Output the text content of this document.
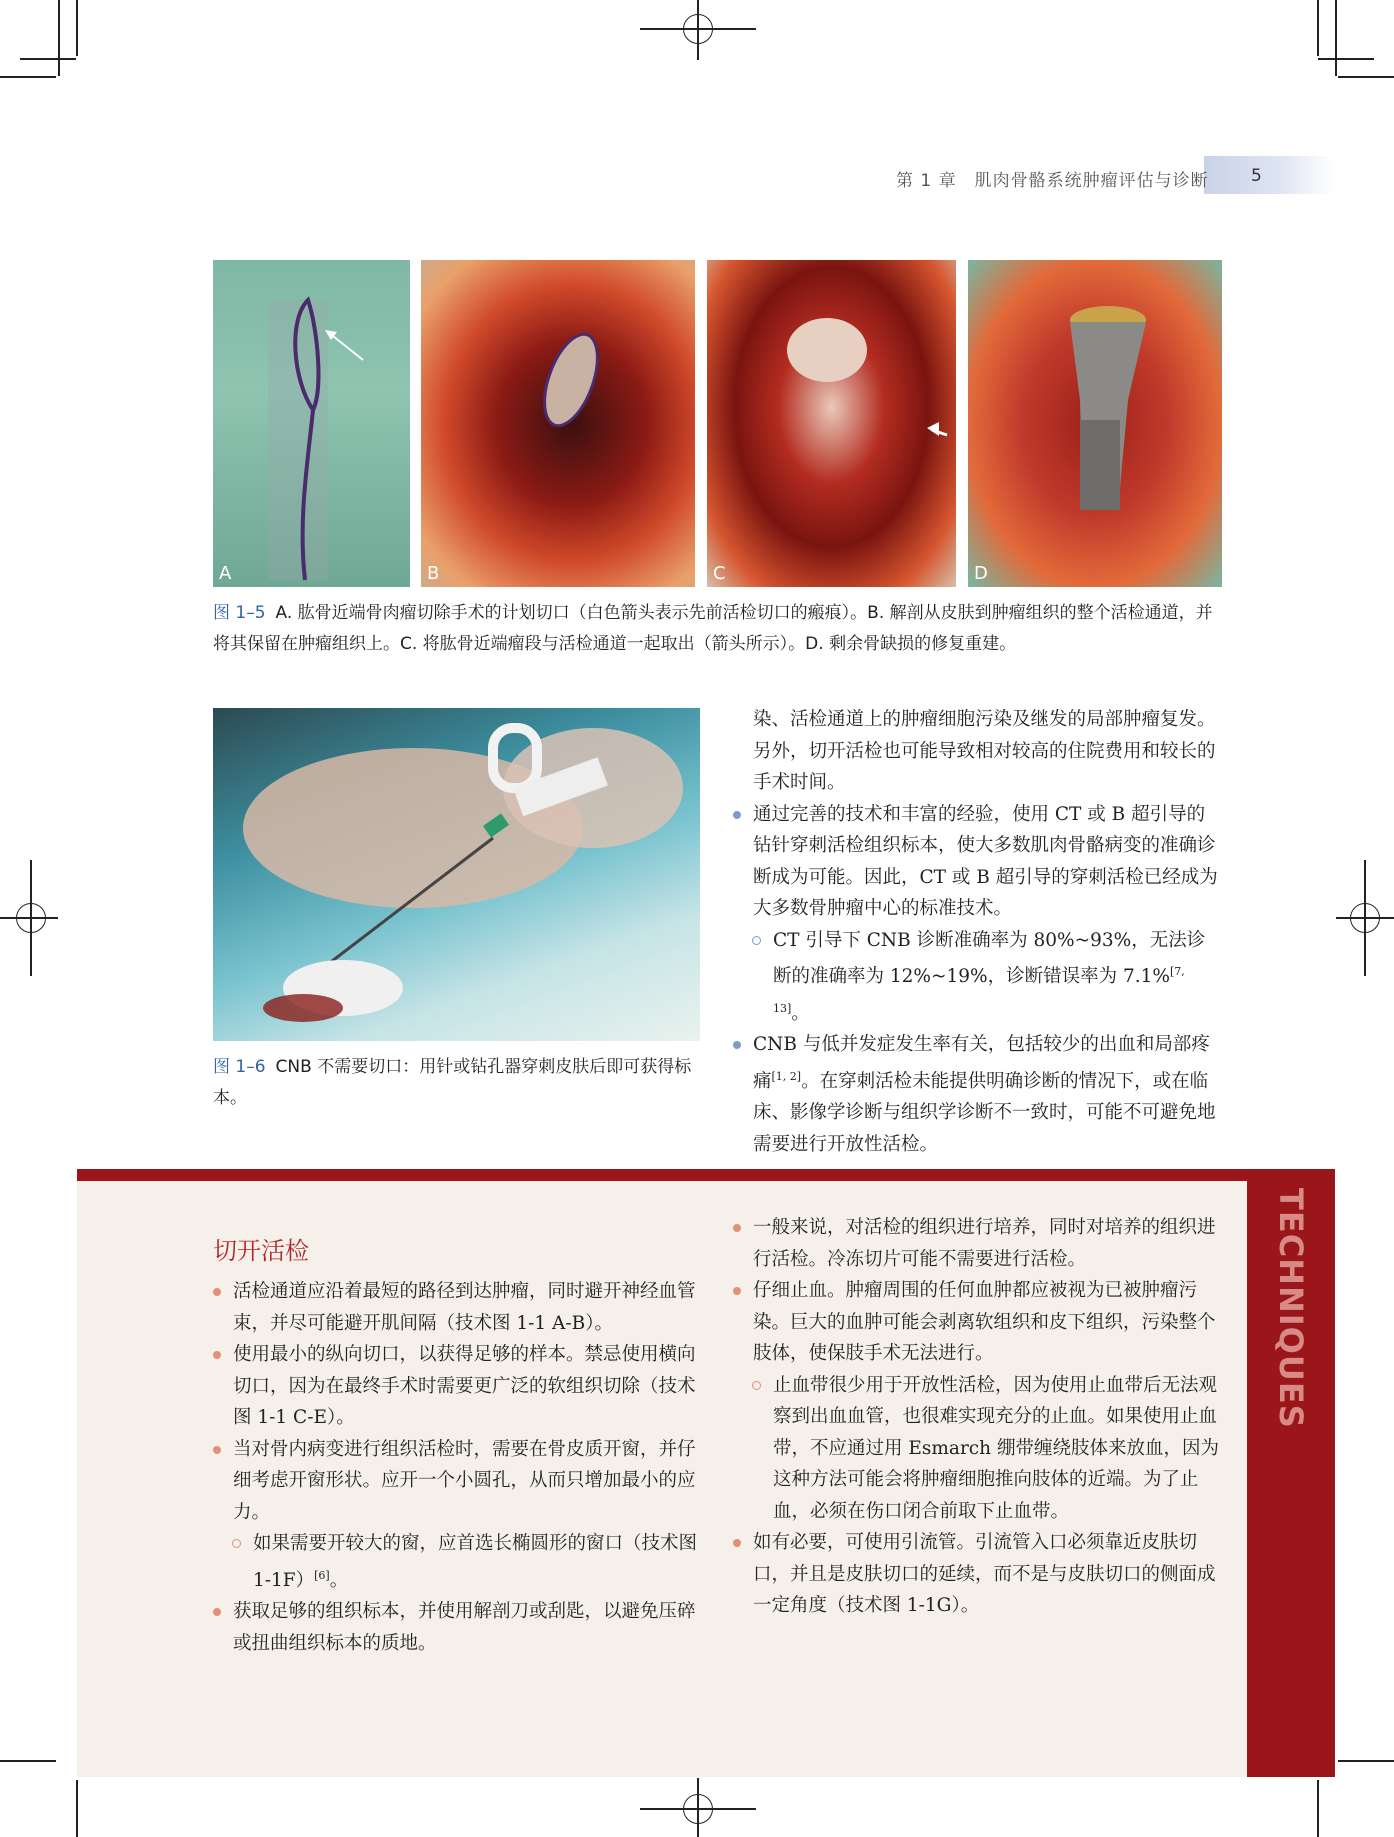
第 1 章　肌肉骨骼系统肿瘤评估与诊断 5
A	B	C	D
图 1–5 A. 肱骨近端骨肉瘤切除手术的计划切口（白色箭头表示先前活检切口的瘢痕）。B. 解剖从皮肤到肿瘤组织的整个活检通道，并将其保留在肿瘤组织上。C. 将肱骨近端瘤段与活检通道一起取出（箭头所示）。D. 剩余骨缺损的修复重建。
图 1–6 CNB 不需要切口：用针或钻孔器穿刺皮肤后即可获得标本。

染、活检通道上的肿瘤细胞污染及继发的局部肿瘤复发。另外，切开活检也可能导致相对较高的住院费用和较长的手术时间。

通过完善的技术和丰富的经验，使用 CT 或 B 超引导的钻针穿刺活检组织标本，使大多数肌肉骨骼病变的准确诊断成为可能。因此，CT 或 B 超引导的穿刺活检已经成为大多数骨肿瘤中心的标准技术。

CT 引导下 CNB 诊断准确率为 80%~93%，无法诊断的准确率为 12%~19%，诊断错误率为 7.1%[7, 13]。

CNB 与低并发症发生率有关，包括较少的出血和局部疼痛[1, 2]。在穿刺活检未能提供明确诊断的情况下，或在临床、影像学诊断与组织学诊断不一致时，可能不可避免地需要进行开放性活检。

TECHNIQUES
切开活检

活检通道应沿着最短的路径到达肿瘤，同时避开神经血管束，并尽可能避开肌间隔（技术图 1-1 A-B）。

使用最小的纵向切口，以获得足够的样本。禁忌使用横向切口，因为在最终手术时需要更广泛的软组织切除（技术图 1-1 C-E）。

当对骨内病变进行组织活检时，需要在骨皮质开窗，并仔细考虑开窗形状。应开一个小圆孔，从而只增加最小的应力。

如果需要开较大的窗，应首选长椭圆形的窗口（技术图 1-1F）[6]。

获取足够的组织标本，并使用解剖刀或刮匙，以避免压碎或扭曲组织标本的质地。

一般来说，对活检的组织进行培养，同时对培养的组织进行活检。冷冻切片可能不需要进行活检。

仔细止血。肿瘤周围的任何血肿都应被视为已被肿瘤污染。巨大的血肿可能会剥离软组织和皮下组织，污染整个肢体，使保肢手术无法进行。

止血带很少用于开放性活检，因为使用止血带后无法观察到出血血管，也很难实现充分的止血。如果使用止血带，不应通过用 Esmarch 绷带缠绕肢体来放血，因为这种方法可能会将肿瘤细胞推向肢体的近端。为了止血，必须在伤口闭合前取下止血带。

如有必要，可使用引流管。引流管入口必须靠近皮肤切口，并且是皮肤切口的延续，而不是与皮肤切口的侧面成一定角度（技术图 1-1G）。
